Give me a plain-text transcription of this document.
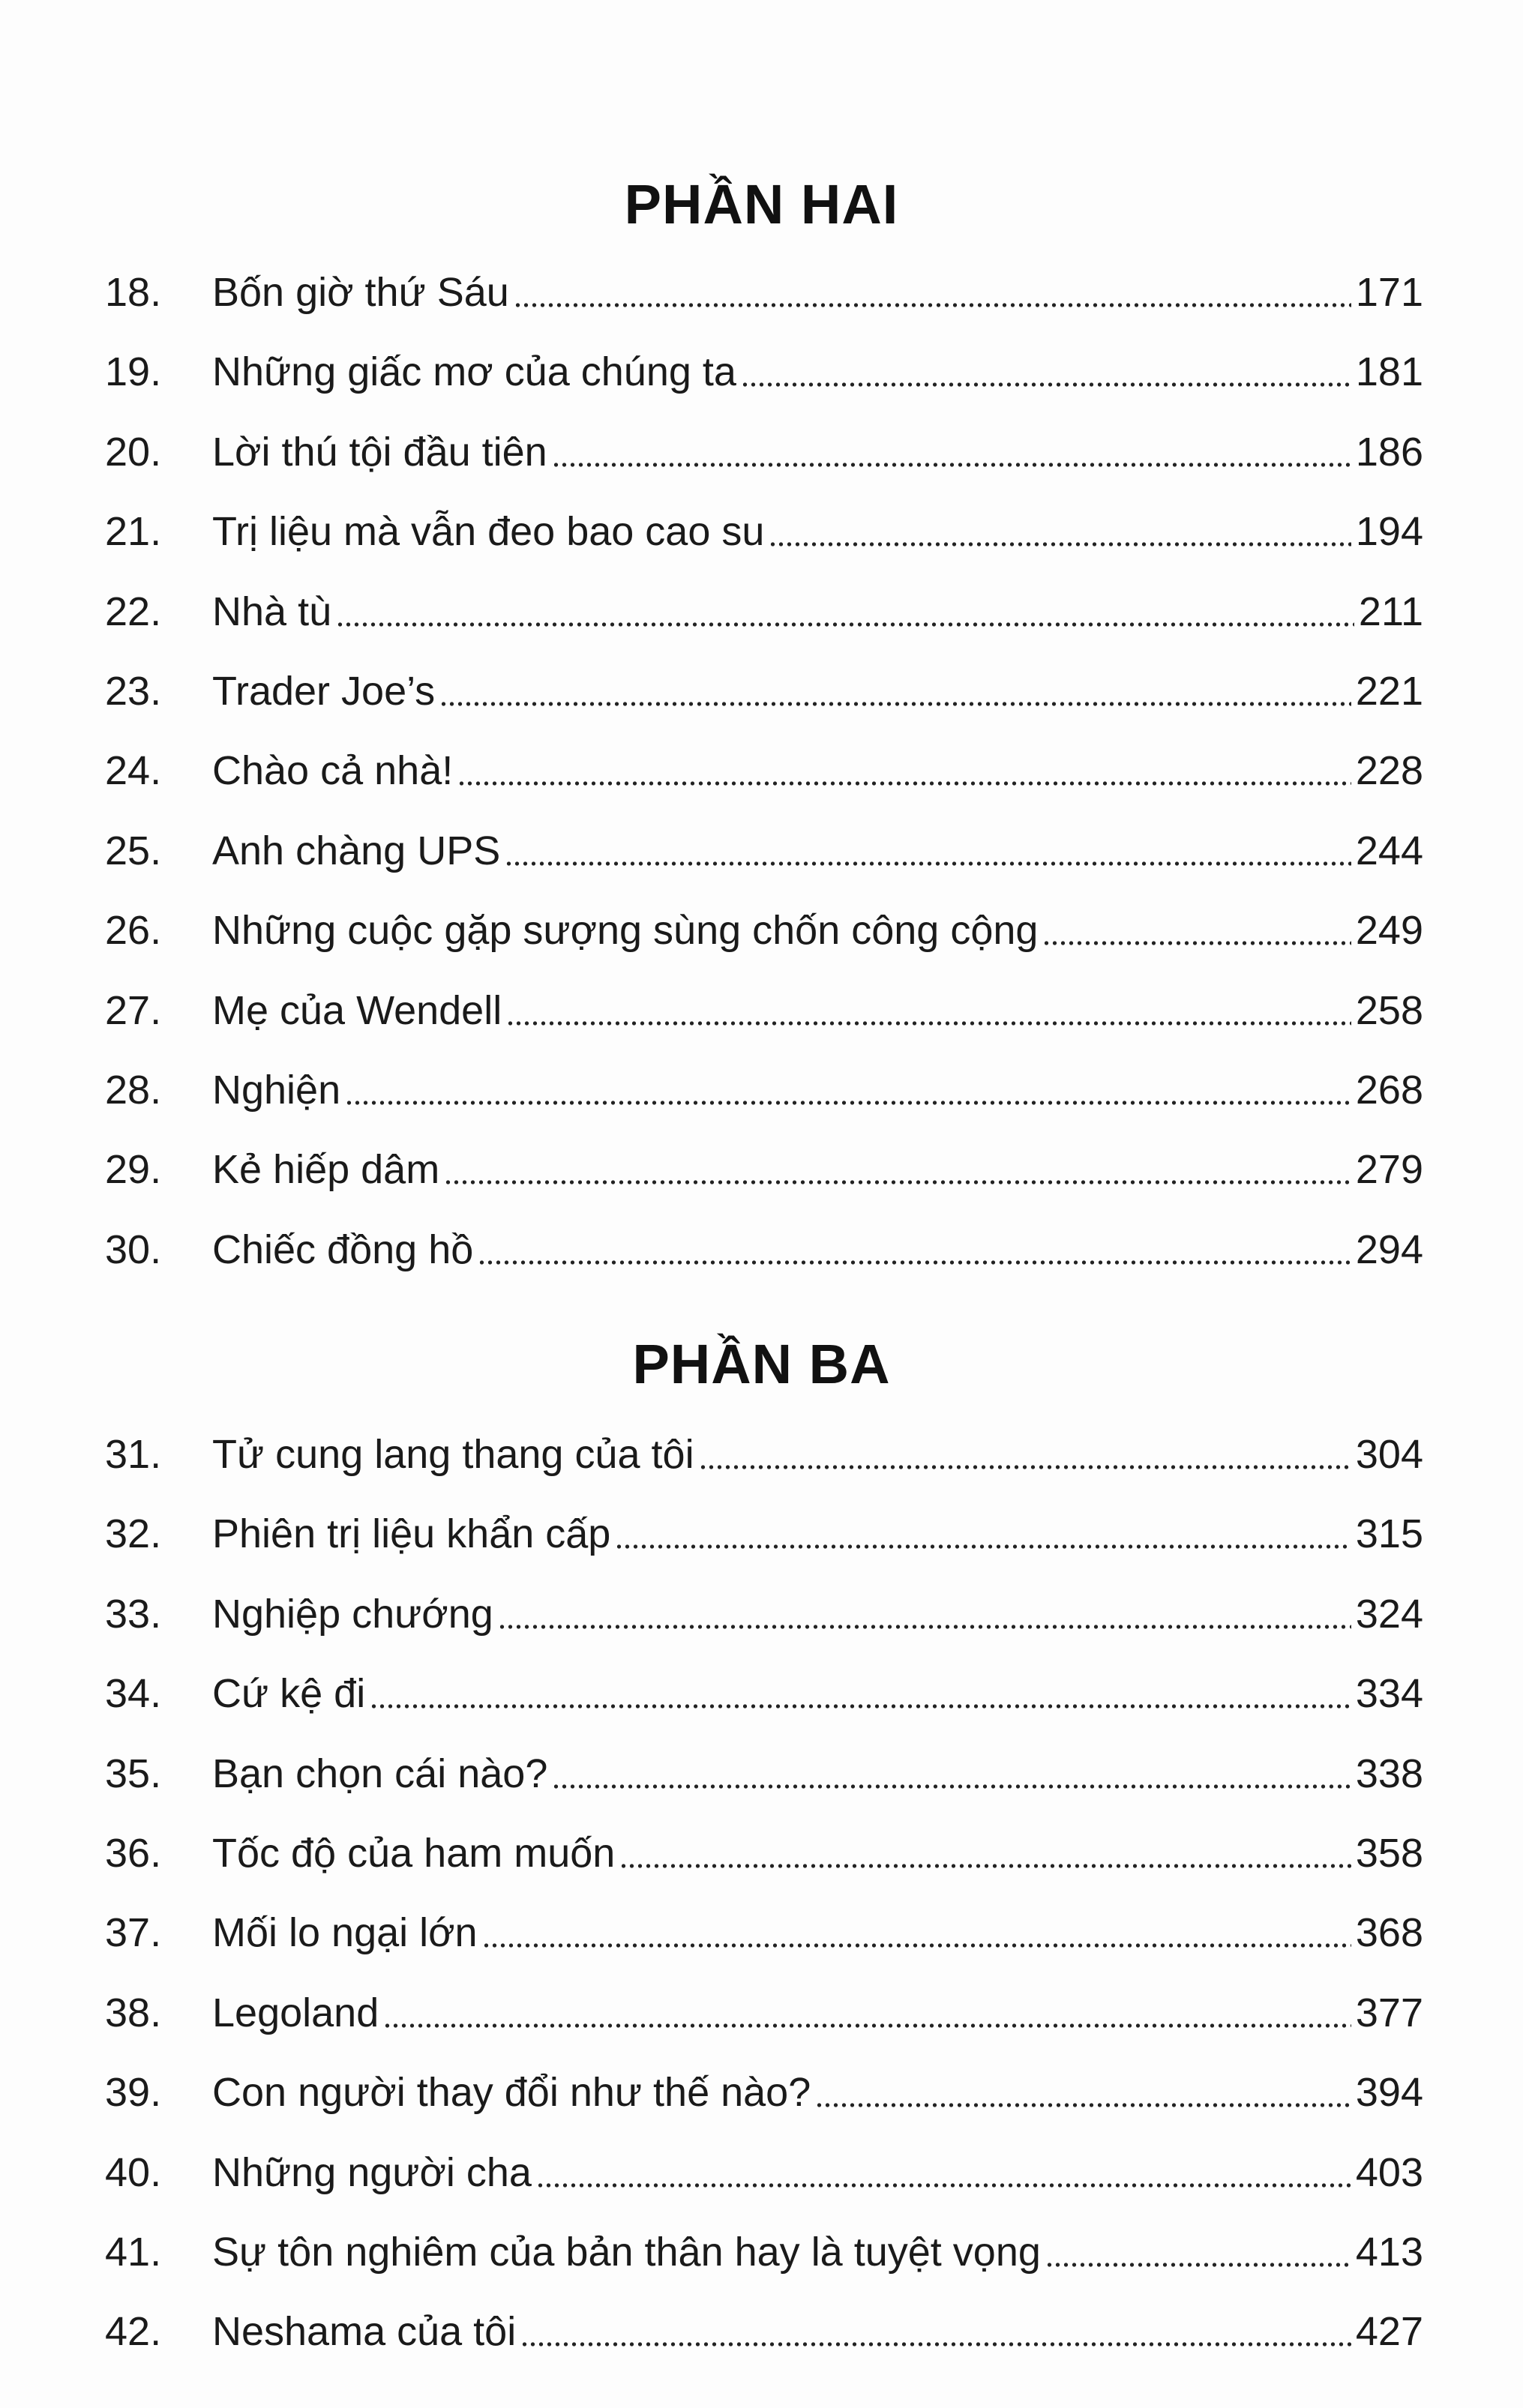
PHẦN HAI
18.	Bốn giờ thứ Sáu	171
19.	Những giấc mơ của chúng ta	181
20.	Lời thú tội đầu tiên	186
21.	Trị liệu mà vẫn đeo bao cao su	194
22.	Nhà tù	211
23.	Trader Joe’s	221
24.	Chào cả nhà!	228
25.	Anh chàng UPS	244
26.	Những cuộc gặp sượng sùng chốn công cộng	249
27.	Mẹ của Wendell	258
28.	Nghiện	268
29.	Kẻ hiếp dâm	279
30.	Chiếc đồng hồ	294
PHẦN BA
31.	Tử cung lang thang của tôi	304
32.	Phiên trị liệu khẩn cấp	315
33.	Nghiệp chướng	324
34.	Cứ kệ đi	334
35.	Bạn chọn cái nào?	338
36.	Tốc độ của ham muốn	358
37.	Mối lo ngại lớn	368
38.	Legoland	377
39.	Con người thay đổi như thế nào?	394
40.	Những người cha	403
41.	Sự tôn nghiêm của bản thân hay là tuyệt vọng	413
42.	Neshama của tôi	427
